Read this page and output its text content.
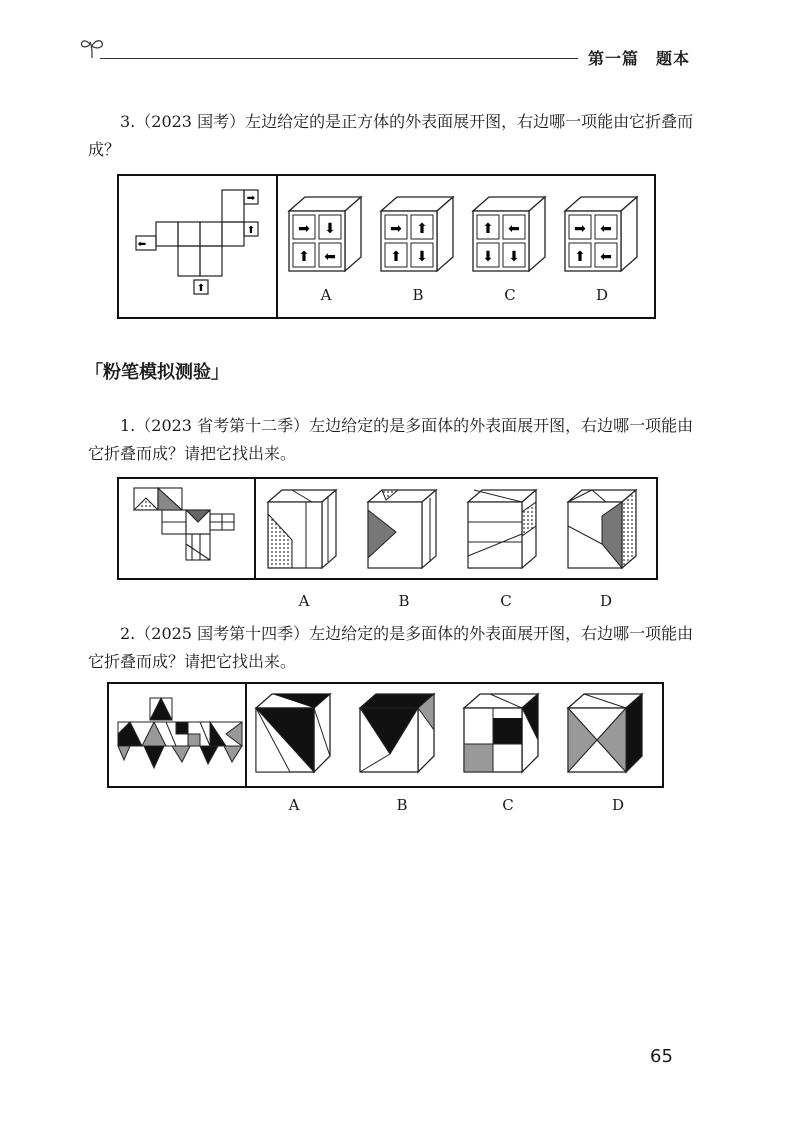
第一篇　题本
3.（2023 国考）左边给定的是正方体的外表面展开图，右边哪一项能由它折叠而成？
➡
⬆
⬅
⬆
➡ ⬇
⬆ ⬅
➡ ⬆
⬆ ⬇
⬆ ⬅
⬇ ⬇
➡ ⬅
⬆ ⬅
A	B	C	D
「粉笔模拟测验」
1.（2023 省考第十二季）左边给定的是多面体的外表面展开图，右边哪一项能由它折叠而成？请把它找出来。
A	B	C	D
2.（2025 国考第十四季）左边给定的是多面体的外表面展开图，右边哪一项能由它折叠而成？请把它找出来。
A	B	C	D
65
